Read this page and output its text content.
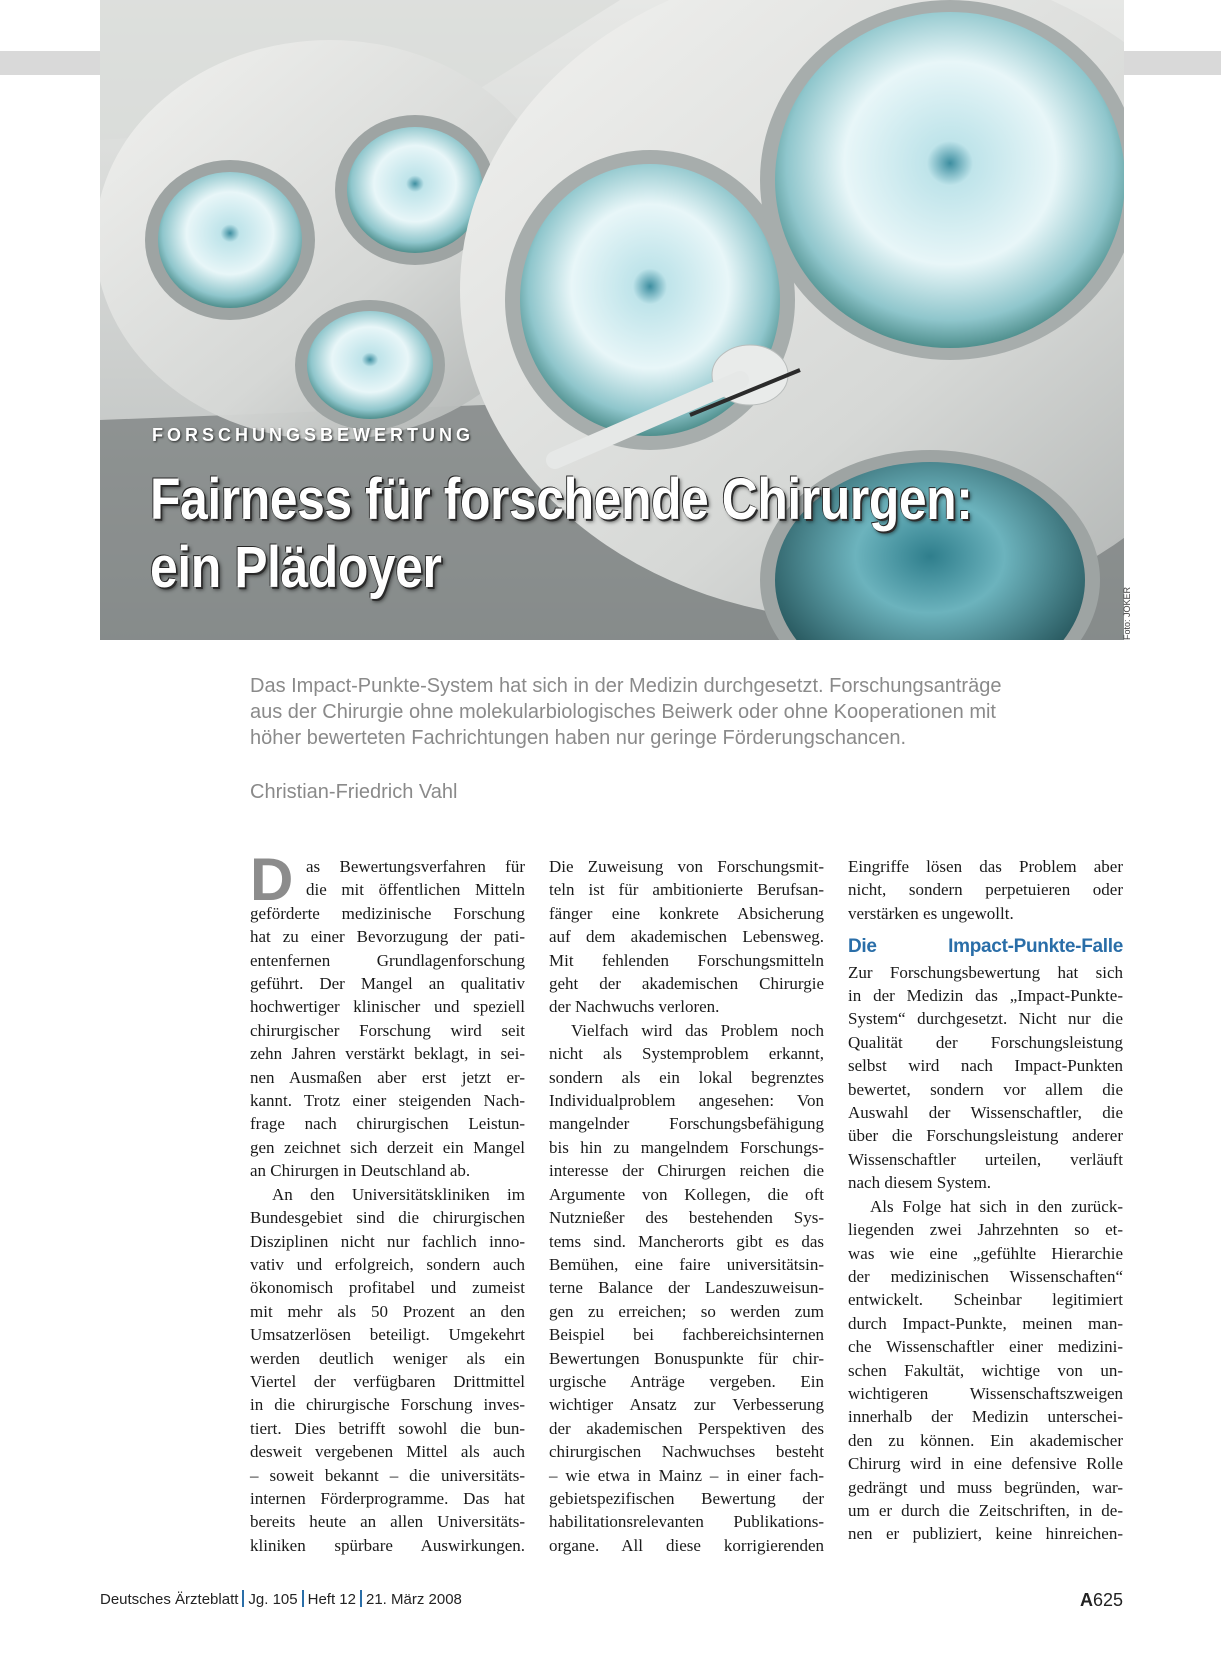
FORSCHUNGSBEWERTUNG
Fairness für forschende Chirurgen:
ein Plädoyer
Foto: JOKER
Das Impact-Punkte-System hat sich in der Medizin durchgesetzt. Forschungsanträge
aus der Chirurgie ohne molekularbiologisches Beiwerk oder ohne Kooperationen mit
höher bewerteten Fachrichtungen haben nur geringe Förderungschancen.
Christian-Friedrich Vahl
D as Bewertungsverfahren für
die mit öffentlichen Mitteln
geförderte medizinische Forschung
hat zu einer Bevorzugung der pati-
entenfernen Grundlagenforschung
geführt. Der Mangel an qualitativ
hochwertiger klinischer und speziell
chirurgischer Forschung wird seit
zehn Jahren verstärkt beklagt, in sei-
nen Ausmaßen aber erst jetzt er-
kannt. Trotz einer steigenden Nach-
frage nach chirurgischen Leistun-
gen zeichnet sich derzeit ein Mangel
an Chirurgen in Deutschland ab.
An den Universitätskliniken im
Bundesgebiet sind die chirurgischen
Disziplinen nicht nur fachlich inno-
vativ und erfolgreich, sondern auch
ökonomisch profitabel und zumeist
mit mehr als 50 Prozent an den
Umsatzerlösen beteiligt. Umgekehrt
werden deutlich weniger als ein
Viertel der verfügbaren Drittmittel
in die chirurgische Forschung inves-
tiert. Dies betrifft sowohl die bun-
desweit vergebenen Mittel als auch
– soweit bekannt – die universitäts-
internen Förderprogramme. Das hat
bereits heute an allen Universitäts-
kliniken spürbare Auswirkungen.
Die Zuweisung von Forschungsmit-
teln ist für ambitionierte Berufsan-
fänger eine konkrete Absicherung
auf dem akademischen Lebensweg.
Mit fehlenden Forschungsmitteln
geht der akademischen Chirurgie
der Nachwuchs verloren.
Vielfach wird das Problem noch
nicht als Systemproblem erkannt,
sondern als ein lokal begrenztes
Individualproblem angesehen: Von
mangelnder Forschungsbefähigung
bis hin zu mangelndem Forschungs-
interesse der Chirurgen reichen die
Argumente von Kollegen, die oft
Nutznießer des bestehenden Sys-
tems sind. Mancherorts gibt es das
Bemühen, eine faire universitätsin-
terne Balance der Landeszuweisun-
gen zu erreichen; so werden zum
Beispiel bei fachbereichsinternen
Bewertungen Bonuspunkte für chir-
urgische Anträge vergeben. Ein
wichtiger Ansatz zur Verbesserung
der akademischen Perspektiven des
chirurgischen Nachwuchses besteht
– wie etwa in Mainz – in einer fach-
gebietspezifischen Bewertung der
habilitationsrelevanten Publikations-
organe. All diese korrigierenden
Eingriffe lösen das Problem aber
nicht, sondern perpetuieren oder
verstärken es ungewollt.
Die Impact-Punkte-Falle
Zur Forschungsbewertung hat sich
in der Medizin das „Impact-Punkte-
System“ durchgesetzt. Nicht nur die
Qualität der Forschungsleistung
selbst wird nach Impact-Punkten
bewertet, sondern vor allem die
Auswahl der Wissenschaftler, die
über die Forschungsleistung anderer
Wissenschaftler urteilen, verläuft
nach diesem System.
Als Folge hat sich in den zurück-
liegenden zwei Jahrzehnten so et-
was wie eine „gefühlte Hierarchie
der medizinischen Wissenschaften“
entwickelt. Scheinbar legitimiert
durch Impact-Punkte, meinen man-
che Wissenschaftler einer medizini-
schen Fakultät, wichtige von un-
wichtigeren Wissenschaftszweigen
innerhalb der Medizin unterschei-
den zu können. Ein akademischer
Chirurg wird in eine defensive Rolle
gedrängt und muss begründen, war-
um er durch die Zeitschriften, in de-
nen er publiziert, keine hinreichen-
Deutsches Ärzteblatt Jg. 105 Heft 12 21. März 2008	A625
